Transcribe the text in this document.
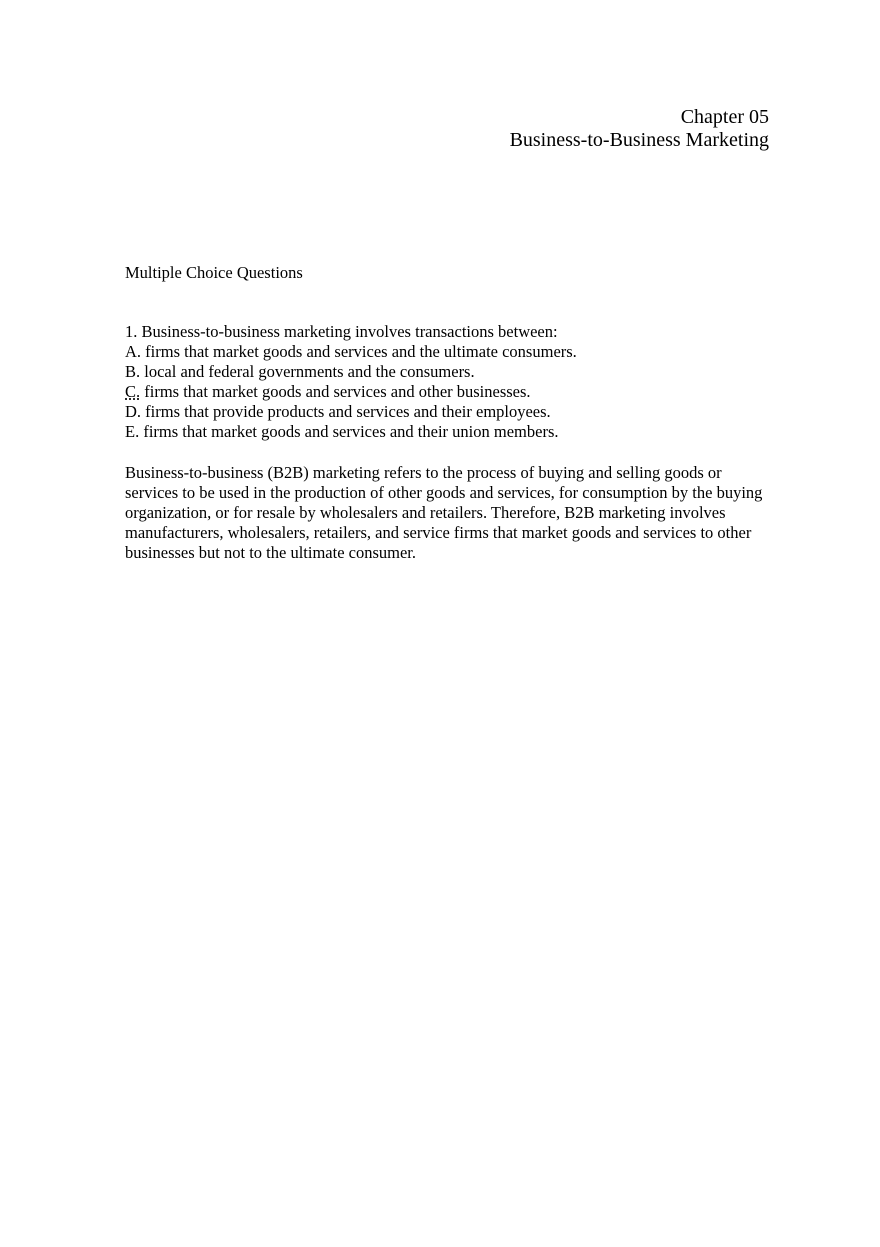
Chapter 05
Business-to-Business Marketing
Multiple Choice Questions
1. Business-to-business marketing involves transactions between:
A. firms that market goods and services and the ultimate consumers.
B. local and federal governments and the consumers.
C. firms that market goods and services and other businesses.
D. firms that provide products and services and their employees.
E. firms that market goods and services and their union members.
Business-to-business (B2B) marketing refers to the process of buying and selling goods or services to be used in the production of other goods and services, for consumption by the buying organization, or for resale by wholesalers and retailers. Therefore, B2B marketing involves manufacturers, wholesalers, retailers, and service firms that market goods and services to other businesses but not to the ultimate consumer.
